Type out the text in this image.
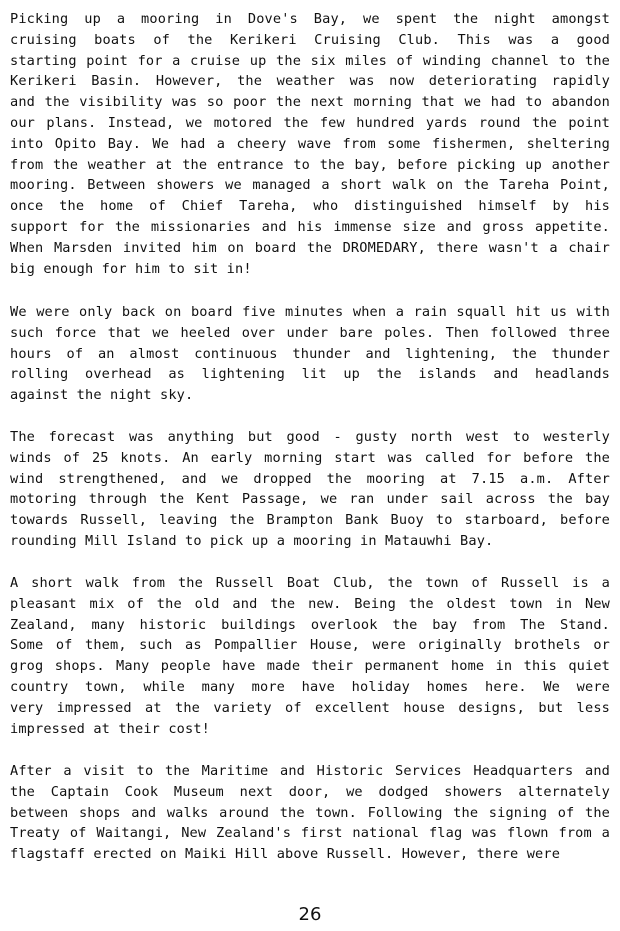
Picking up a mooring in Dove's Bay, we spent the night amongst
cruising boats of the Kerikeri Cruising Club. This was a good
starting point for a cruise up the six miles of winding channel to the
Kerikeri Basin. However, the weather was now deteriorating rapidly
and the visibility was so poor the next morning that we had to abandon
our plans. Instead, we motored the few hundred yards round the point
into Opito Bay. We had a cheery wave from some fishermen, sheltering
from the weather at the entrance to the bay, before picking up another
mooring. Between showers we managed a short walk on the Tareha Point,
once the home of Chief Tareha, who distinguished himself by his
support for the missionaries and his immense size and gross appetite.
When Marsden invited him on board the DROMEDARY, there wasn't a chair
big enough for him to sit in!
We were only back on board five minutes when a rain squall hit us with
such force that we heeled over under bare poles. Then followed three
hours of an almost continuous thunder and lightening, the thunder
rolling overhead as lightening lit up the islands and headlands
against the night sky.
The forecast was anything but good - gusty north west to westerly
winds of 25 knots. An early morning start was called for before the
wind strengthened, and we dropped the mooring at 7.15 a.m. After
motoring through the Kent Passage, we ran under sail across the bay
towards Russell, leaving the Brampton Bank Buoy to starboard, before
rounding Mill Island to pick up a mooring in Matauwhi Bay.
A short walk from the Russell Boat Club, the town of Russell is a
pleasant mix of the old and the new. Being the oldest town in New
Zealand, many historic buildings overlook the bay from The Stand.
Some of them, such as Pompallier House, were originally brothels or
grog shops. Many people have made their permanent home in this quiet
country town, while many more have holiday homes here. We were
very impressed at the variety of excellent house designs, but less
impressed at their cost!
After a visit to the Maritime and Historic Services Headquarters and
the Captain Cook Museum next door, we dodged showers alternately
between shops and walks around the town. Following the signing of the
Treaty of Waitangi, New Zealand's first national flag was flown from a
flagstaff erected on Maiki Hill above Russell. However, there were
26
